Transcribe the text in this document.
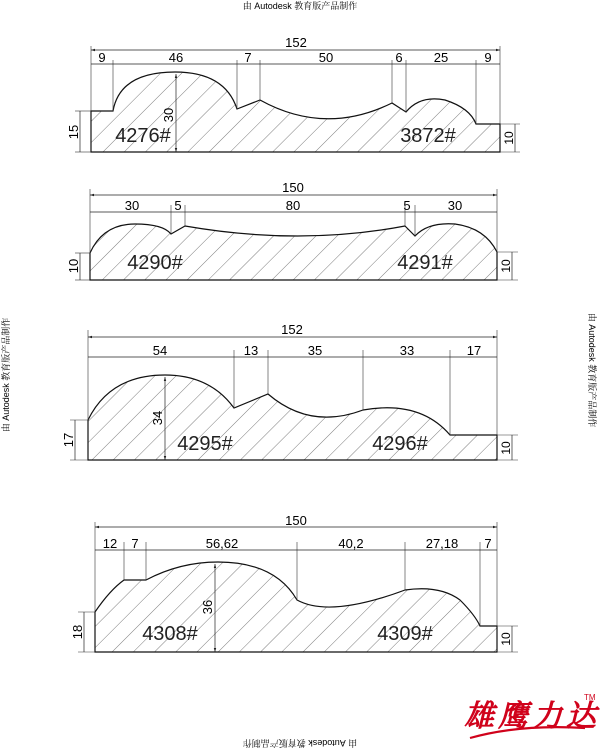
由 Autodesk 教育版产品制作
由 Autodesk 教育版产品制作
由 Autodesk 教育版产品制作	由 Autodesk 教育版产品制作
152
9	46	7	50	6 25	9
30
15	10
4276#	3872#
150
30	5	80	5	30
10	10
4290#	4291#
152
54	13	35	33	17
34
17
10
4295#	4296#
150
12 7	56,62	40,2	27,18 7
36
18	10
4308#	4309#
雄鹰力达
TM
